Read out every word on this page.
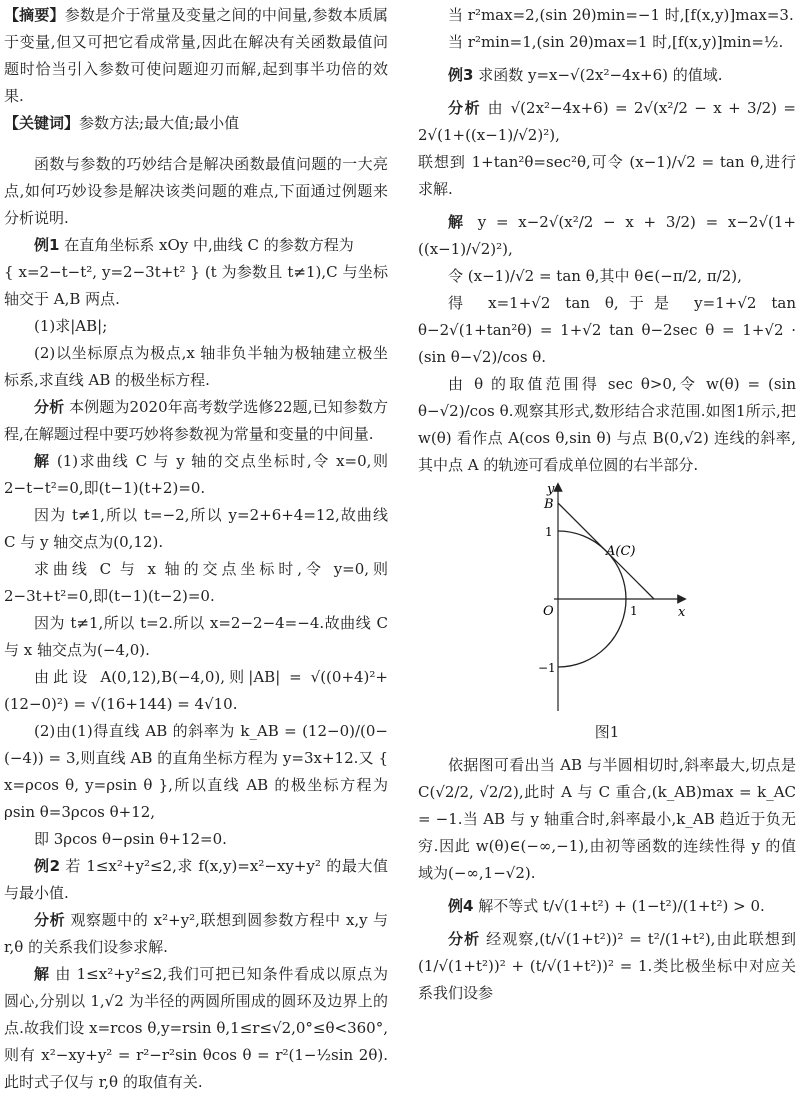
【摘要】参数是介于常量及变量之间的中间量,参数本质属于变量,但又可把它看成常量,因此在解决有关函数最值问题时恰当引入参数可使问题迎刃而解,起到事半功倍的效果.

【关键词】参数方法;最大值;最小值

函数与参数的巧妙结合是解决函数最值问题的一大亮点,如何巧妙设参是解决该类问题的难点,下面通过例题来分析说明.

例1 在直角坐标系 xOy 中,曲线 C 的参数方程为

{ x=2−t−t², y=2−3t+t² } (t 为参数且 t≠1),C 与坐标轴交于 A,B 两点.

(1)求|AB|;

(2)以坐标原点为极点,x 轴非负半轴为极轴建立极坐标系,求直线 AB 的极坐标方程.

分析 本例题为2020年高考数学选修22题,已知参数方程,在解题过程中要巧妙将参数视为常量和变量的中间量.

解 (1)求曲线 C 与 y 轴的交点坐标时,令 x=0,则 2−t−t²=0,即(t−1)(t+2)=0.

因为 t≠1,所以 t=−2,所以 y=2+6+4=12,故曲线 C 与 y 轴交点为(0,12).

求曲线 C 与 x 轴的交点坐标时,令 y=0,则 2−3t+t²=0,即(t−1)(t−2)=0.

因为 t≠1,所以 t=2.所以 x=2−2−4=−4.故曲线 C 与 x 轴交点为(−4,0).

由此设 A(0,12),B(−4,0),则|AB| = √((0+4)²+(12−0)²) = √(16+144) = 4√10.

(2)由(1)得直线 AB 的斜率为 k_AB = (12−0)/(0−(−4)) = 3,则直线 AB 的直角坐标方程为 y=3x+12.又 { x=ρcos θ, y=ρsin θ },所以直线 AB 的极坐标方程为 ρsin θ=3ρcos θ+12,

即 3ρcos θ−ρsin θ+12=0.

例2 若 1≤x²+y²≤2,求 f(x,y)=x²−xy+y² 的最大值与最小值.

分析 观察题中的 x²+y²,联想到圆参数方程中 x,y 与 r,θ 的关系我们设参求解.

解 由 1≤x²+y²≤2,我们可把已知条件看成以原点为圆心,分别以 1,√2 为半径的两圆所围成的圆环及边界上的点.故我们设 x=rcos θ,y=rsin θ,1≤r≤√2,0°≤θ<360°,则有 x²−xy+y² = r²−r²sin θcos θ = r²(1−½sin 2θ).此时式子仅与 r,θ 的取值有关.

当 r²max=2,(sin 2θ)min=−1 时,[f(x,y)]max=3.

当 r²min=1,(sin 2θ)max=1 时,[f(x,y)]min=½.

例3 求函数 y=x−√(2x²−4x+6) 的值域.

分析 由 √(2x²−4x+6) = 2√(x²/2 − x + 3/2) = 2√(1+((x−1)/√2)²),

联想到 1+tan²θ=sec²θ,可令 (x−1)/√2 = tan θ,进行求解.

解 y = x−2√(x²/2 − x + 3/2) = x−2√(1+((x−1)/√2)²),

令 (x−1)/√2 = tan θ,其中 θ∈(−π/2, π/2),

得 x=1+√2 tan θ,于是 y=1+√2 tan θ−2√(1+tan²θ) = 1+√2 tan θ−2sec θ = 1+√2 · (sin θ−√2)/cos θ.

由 θ 的取值范围得 sec θ>0,令 w(θ) = (sin θ−√2)/cos θ.观察其形式,数形结合求范围.如图1所示,把 w(θ) 看作点 A(cos θ,sin θ) 与点 B(0,√2) 连线的斜率,其中点 A 的轨迹可看成单位圆的右半部分.

y
x
B
A(C)
1
O	1
−1

图1

依据图可看出当 AB 与半圆相切时,斜率最大,切点是 C(√2/2, √2/2),此时 A 与 C 重合,(k_AB)max = k_AC = −1.当 AB 与 y 轴重合时,斜率最小,k_AB 趋近于负无穷.因此 w(θ)∈(−∞,−1),由初等函数的连续性得 y 的值域为(−∞,1−√2).

例4 解不等式 t/√(1+t²) + (1−t²)/(1+t²) > 0.

分析 经观察,(t/√(1+t²))² = t²/(1+t²),由此联想到 (1/√(1+t²))² + (t/√(1+t²))² = 1.类比极坐标中对应关系我们设参
